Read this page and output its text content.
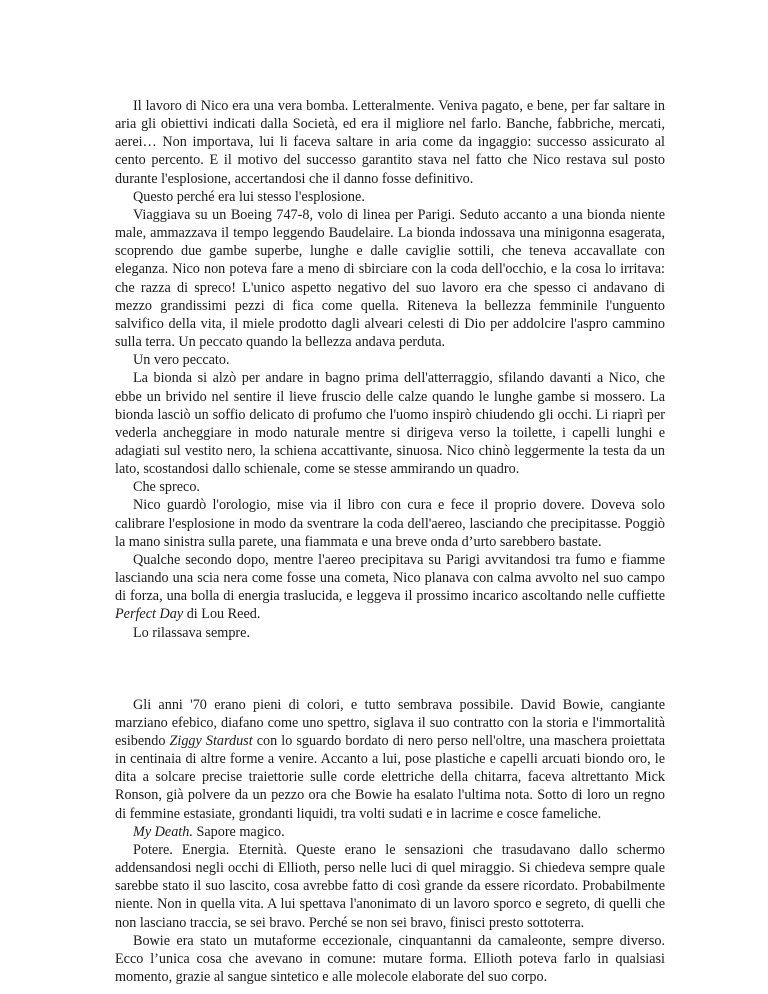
Il lavoro di Nico era una vera bomba. Letteralmente. Veniva pagato, e bene, per far saltare in aria gli obiettivi indicati dalla Società, ed era il migliore nel farlo. Banche, fabbriche, mercati, aerei… Non importava, lui li faceva saltare in aria come da ingaggio: successo assicurato al cento percento. E il motivo del successo garantito stava nel fatto che Nico restava sul posto durante l'esplosione, accertandosi che il danno fosse definitivo.

Questo perché era lui stesso l'esplosione.

Viaggiava su un Boeing 747-8, volo di linea per Parigi. Seduto accanto a una bionda niente male, ammazzava il tempo leggendo Baudelaire. La bionda indossava una minigonna esagerata, scoprendo due gambe superbe, lunghe e dalle caviglie sottili, che teneva accavallate con eleganza. Nico non poteva fare a meno di sbirciare con la coda dell'occhio, e la cosa lo irritava: che razza di spreco! L'unico aspetto negativo del suo lavoro era che spesso ci andavano di mezzo grandissimi pezzi di fica come quella. Riteneva la bellezza femminile l'unguento salvifico della vita, il miele prodotto dagli alveari celesti di Dio per addolcire l'aspro cammino sulla terra. Un peccato quando la bellezza andava perduta.

Un vero peccato.

La bionda si alzò per andare in bagno prima dell'atterraggio, sfilando davanti a Nico, che ebbe un brivido nel sentire il lieve fruscio delle calze quando le lunghe gambe si mossero. La bionda lasciò un soffio delicato di profumo che l'uomo inspirò chiudendo gli occhi. Li riaprì per vederla ancheggiare in modo naturale mentre si dirigeva verso la toilette, i capelli lunghi e adagiati sul vestito nero, la schiena accattivante, sinuosa. Nico chinò leggermente la testa da un lato, scostandosi dallo schienale, come se stesse ammirando un quadro.

Che spreco.

Nico guardò l'orologio, mise via il libro con cura e fece il proprio dovere. Doveva solo calibrare l'esplosione in modo da sventrare la coda dell'aereo, lasciando che precipitasse. Poggiò la mano sinistra sulla parete, una fiammata e una breve onda d’urto sarebbero bastate.

Qualche secondo dopo, mentre l'aereo precipitava su Parigi avvitandosi tra fumo e fiamme lasciando una scia nera come fosse una cometa, Nico planava con calma avvolto nel suo campo di forza, una bolla di energia traslucida, e leggeva il prossimo incarico ascoltando nelle cuffiette Perfect Day di Lou Reed.

Lo rilassava sempre.

Gli anni '70 erano pieni di colori, e tutto sembrava possibile. David Bowie, cangiante marziano efebico, diafano come uno spettro, siglava il suo contratto con la storia e l'immortalità esibendo Ziggy Stardust con lo sguardo bordato di nero perso nell'oltre, una maschera proiettata in centinaia di altre forme a venire. Accanto a lui, pose plastiche e capelli arcuati biondo oro, le dita a solcare precise traiettorie sulle corde elettriche della chitarra, faceva altrettanto Mick Ronson, già polvere da un pezzo ora che Bowie ha esalato l'ultima nota. Sotto di loro un regno di femmine estasiate, grondanti liquidi, tra volti sudati e in lacrime e cosce fameliche.

My Death. Sapore magico.

Potere. Energia. Eternità. Queste erano le sensazioni che trasudavano dallo schermo addensandosi negli occhi di Ellioth, perso nelle luci di quel miraggio. Si chiedeva sempre quale sarebbe stato il suo lascito, cosa avrebbe fatto di così grande da essere ricordato. Probabilmente niente. Non in quella vita. A lui spettava l'anonimato di un lavoro sporco e segreto, di quelli che non lasciano traccia, se sei bravo. Perché se non sei bravo, finisci presto sottoterra.

Bowie era stato un mutaforme eccezionale, cinquantanni da camaleonte, sempre diverso. Ecco l’unica cosa che avevano in comune: mutare forma. Ellioth poteva farlo in qualsiasi momento, grazie al sangue sintetico e alle molecole elaborate del suo corpo.
